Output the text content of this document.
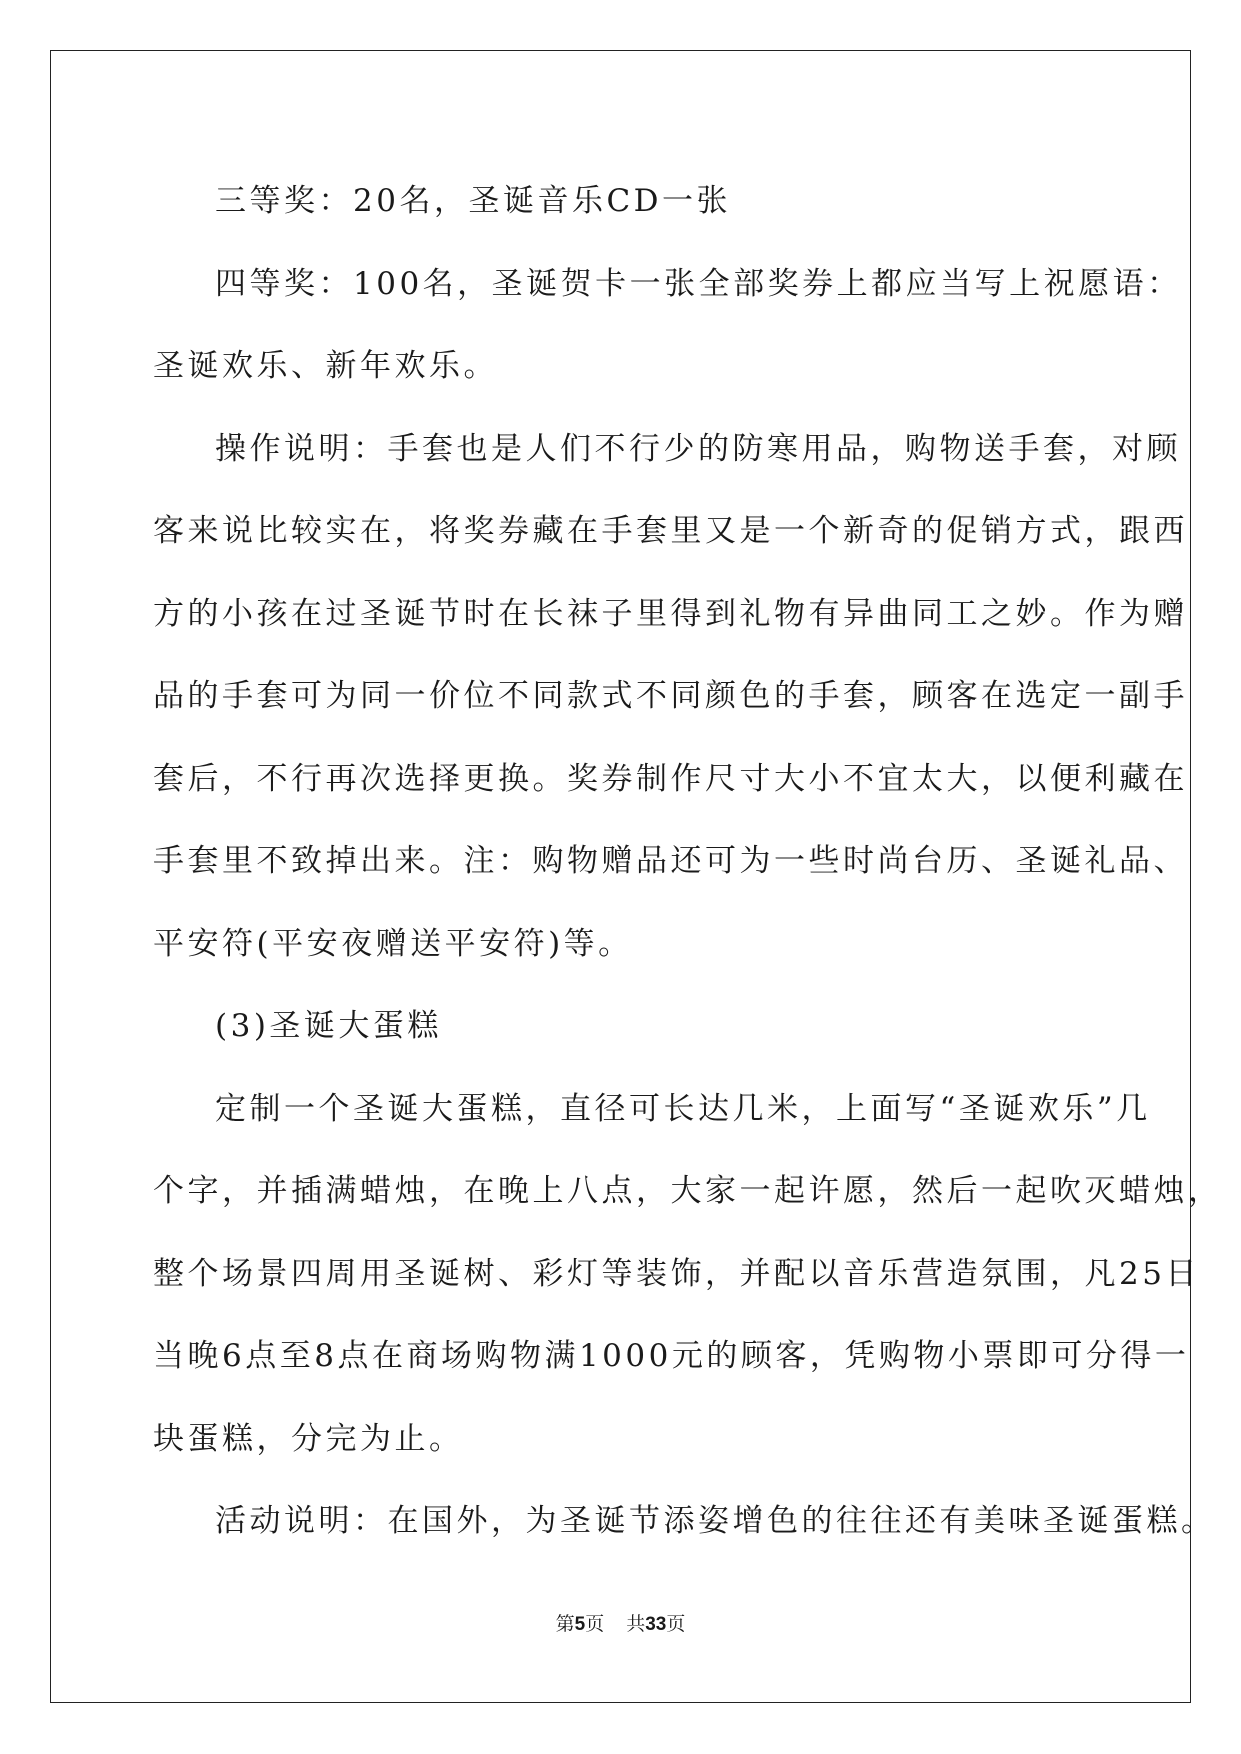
三等奖：20名，圣诞音乐CD一张
四等奖：100名，圣诞贺卡一张全部奖券上都应当写上祝愿语：
圣诞欢乐、新年欢乐。
操作说明：手套也是人们不行少的防寒用品，购物送手套，对顾
客来说比较实在，将奖券藏在手套里又是一个新奇的促销方式，跟西
方的小孩在过圣诞节时在长袜子里得到礼物有异曲同工之妙。作为赠
品的手套可为同一价位不同款式不同颜色的手套，顾客在选定一副手
套后，不行再次选择更换。奖券制作尺寸大小不宜太大，以便利藏在
手套里不致掉出来。注：购物赠品还可为一些时尚台历、圣诞礼品、
平安符(平安夜赠送平安符)等。
(3)圣诞大蛋糕
定制一个圣诞大蛋糕，直径可长达几米，上面写“圣诞欢乐”几
个字，并插满蜡烛，在晚上八点，大家一起许愿，然后一起吹灭蜡烛，
整个场景四周用圣诞树、彩灯等装饰，并配以音乐营造氛围，凡25日
当晚6点至8点在商场购物满1000元的顾客，凭购物小票即可分得一
块蛋糕，分完为止。
活动说明：在国外，为圣诞节添姿增色的往往还有美味圣诞蛋糕。
第5页 共33页
